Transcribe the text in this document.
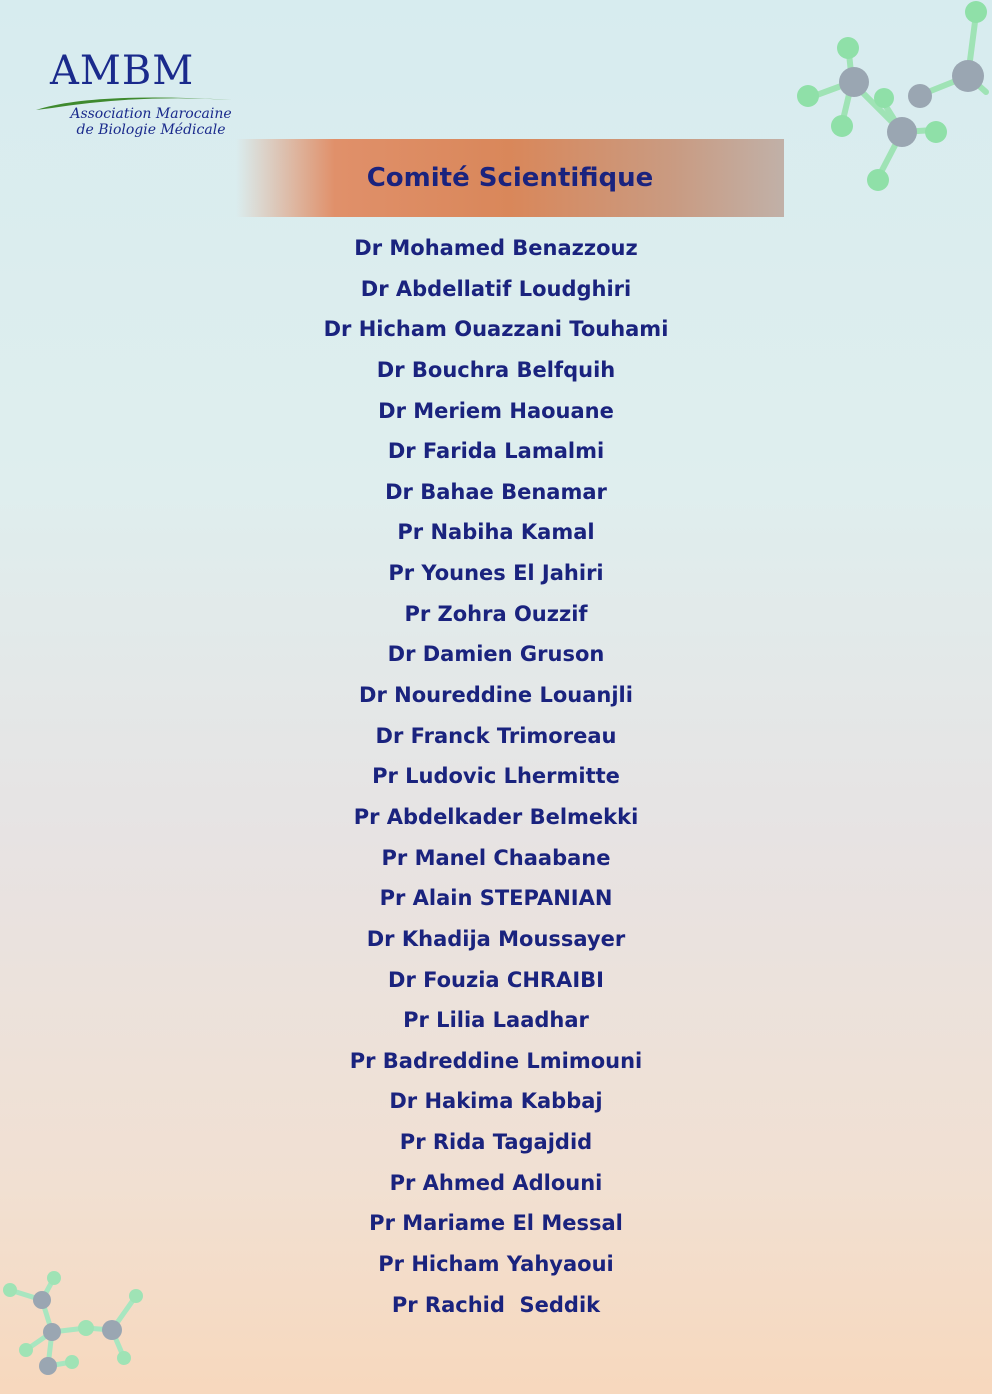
AMBM
Association Marocaine
de Biologie Médicale
Comité Scientifique
Dr Mohamed Benazzouz
Dr Abdellatif Loudghiri
Dr Hicham Ouazzani Touhami
Dr Bouchra Belfquih
Dr Meriem Haouane
Dr Farida Lamalmi
Dr Bahae Benamar
Pr Nabiha Kamal
Pr Younes El Jahiri
Pr Zohra Ouzzif
Dr Damien Gruson
Dr Noureddine Louanjli
Dr Franck Trimoreau
Pr Ludovic Lhermitte
Pr Abdelkader Belmekki
Pr Manel Chaabane
Pr Alain STEPANIAN
Dr Khadija Moussayer
Dr Fouzia CHRAIBI
Pr Lilia Laadhar
Pr Badreddine Lmimouni
Dr Hakima Kabbaj
Pr Rida Tagajdid
Pr Ahmed Adlouni
Pr Mariame El Messal
Pr Hicham Yahyaoui
Pr Rachid  Seddik
